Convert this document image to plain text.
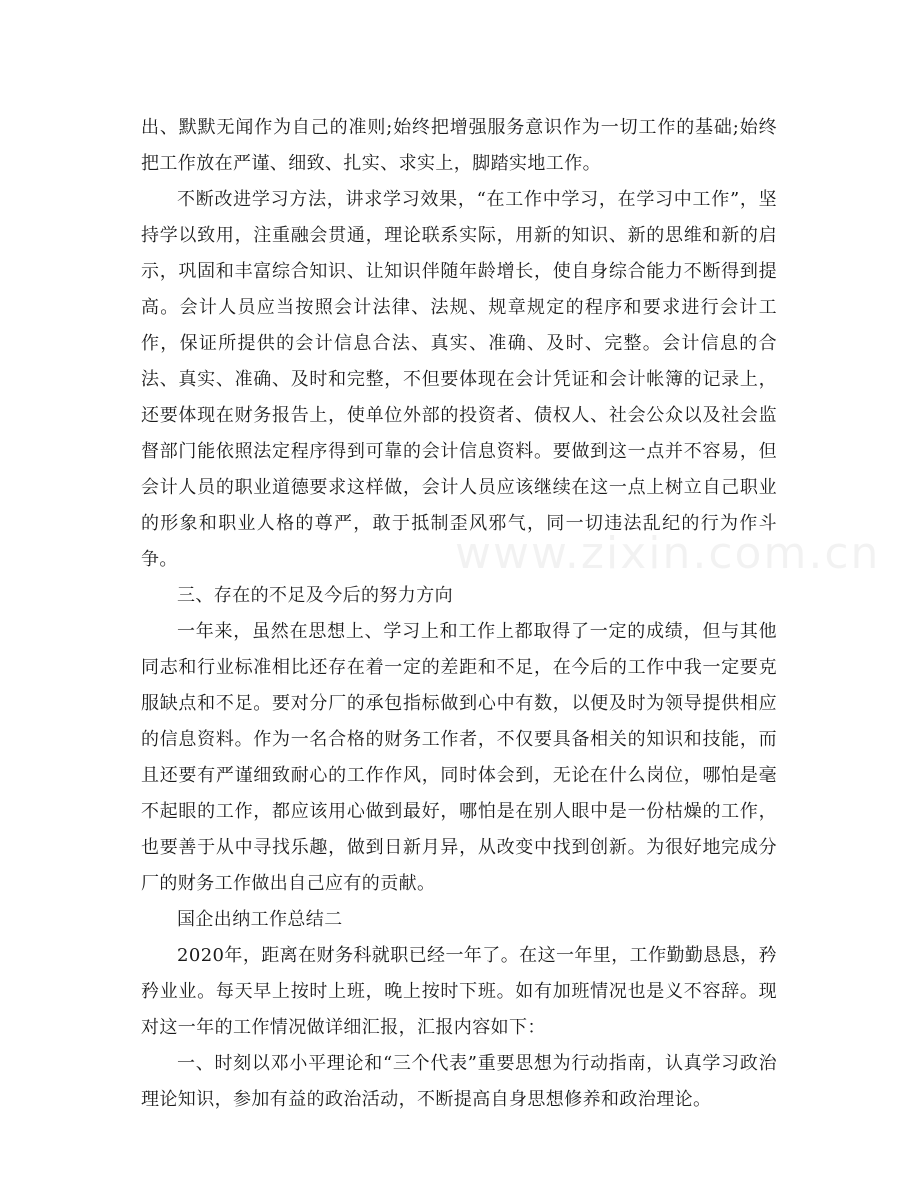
出、默默无闻作为自己的准则;始终把增强服务意识作为一切工作的基础;始终把工作放在严谨、细致、扎实、求实上，脚踏实地工作。

不断改进学习方法，讲求学习效果，“在工作中学习，在学习中工作”，坚持学以致用，注重融会贯通，理论联系实际，用新的知识、新的思维和新的启示，巩固和丰富综合知识、让知识伴随年龄增长，使自身综合能力不断得到提高。会计人员应当按照会计法律、法规、规章规定的程序和要求进行会计工作，保证所提供的会计信息合法、真实、准确、及时、完整。会计信息的合法、真实、准确、及时和完整，不但要体现在会计凭证和会计帐簿的记录上，还要体现在财务报告上，使单位外部的投资者、债权人、社会公众以及社会监督部门能依照法定程序得到可靠的会计信息资料。要做到这一点并不容易，但会计人员的职业道德要求这样做，会计人员应该继续在这一点上树立自己职业的形象和职业人格的尊严，敢于抵制歪风邪气，同一切违法乱纪的行为作斗争。

三、存在的不足及今后的努力方向

一年来，虽然在思想上、学习上和工作上都取得了一定的成绩，但与其他同志和行业标准相比还存在着一定的差距和不足，在今后的工作中我一定要克服缺点和不足。要对分厂的承包指标做到心中有数，以便及时为领导提供相应的信息资料。作为一名合格的财务工作者，不仅要具备相关的知识和技能，而且还要有严谨细致耐心的工作作风，同时体会到，无论在什么岗位，哪怕是毫不起眼的工作，都应该用心做到最好，哪怕是在别人眼中是一份枯燥的工作，也要善于从中寻找乐趣，做到日新月异，从改变中找到创新。为很好地完成分厂的财务工作做出自己应有的贡献。

国企出纳工作总结二

2020年，距离在财务科就职已经一年了。在这一年里，工作勤勤恳恳，矜矜业业。每天早上按时上班，晚上按时下班。如有加班情况也是义不容辞。现对这一年的工作情况做详细汇报，汇报内容如下：

一、时刻以邓小平理论和“三个代表”重要思想为行动指南，认真学习政治理论知识，参加有益的政治活动，不断提高自身思想修养和政治理论。

www.zixin.com.cn
